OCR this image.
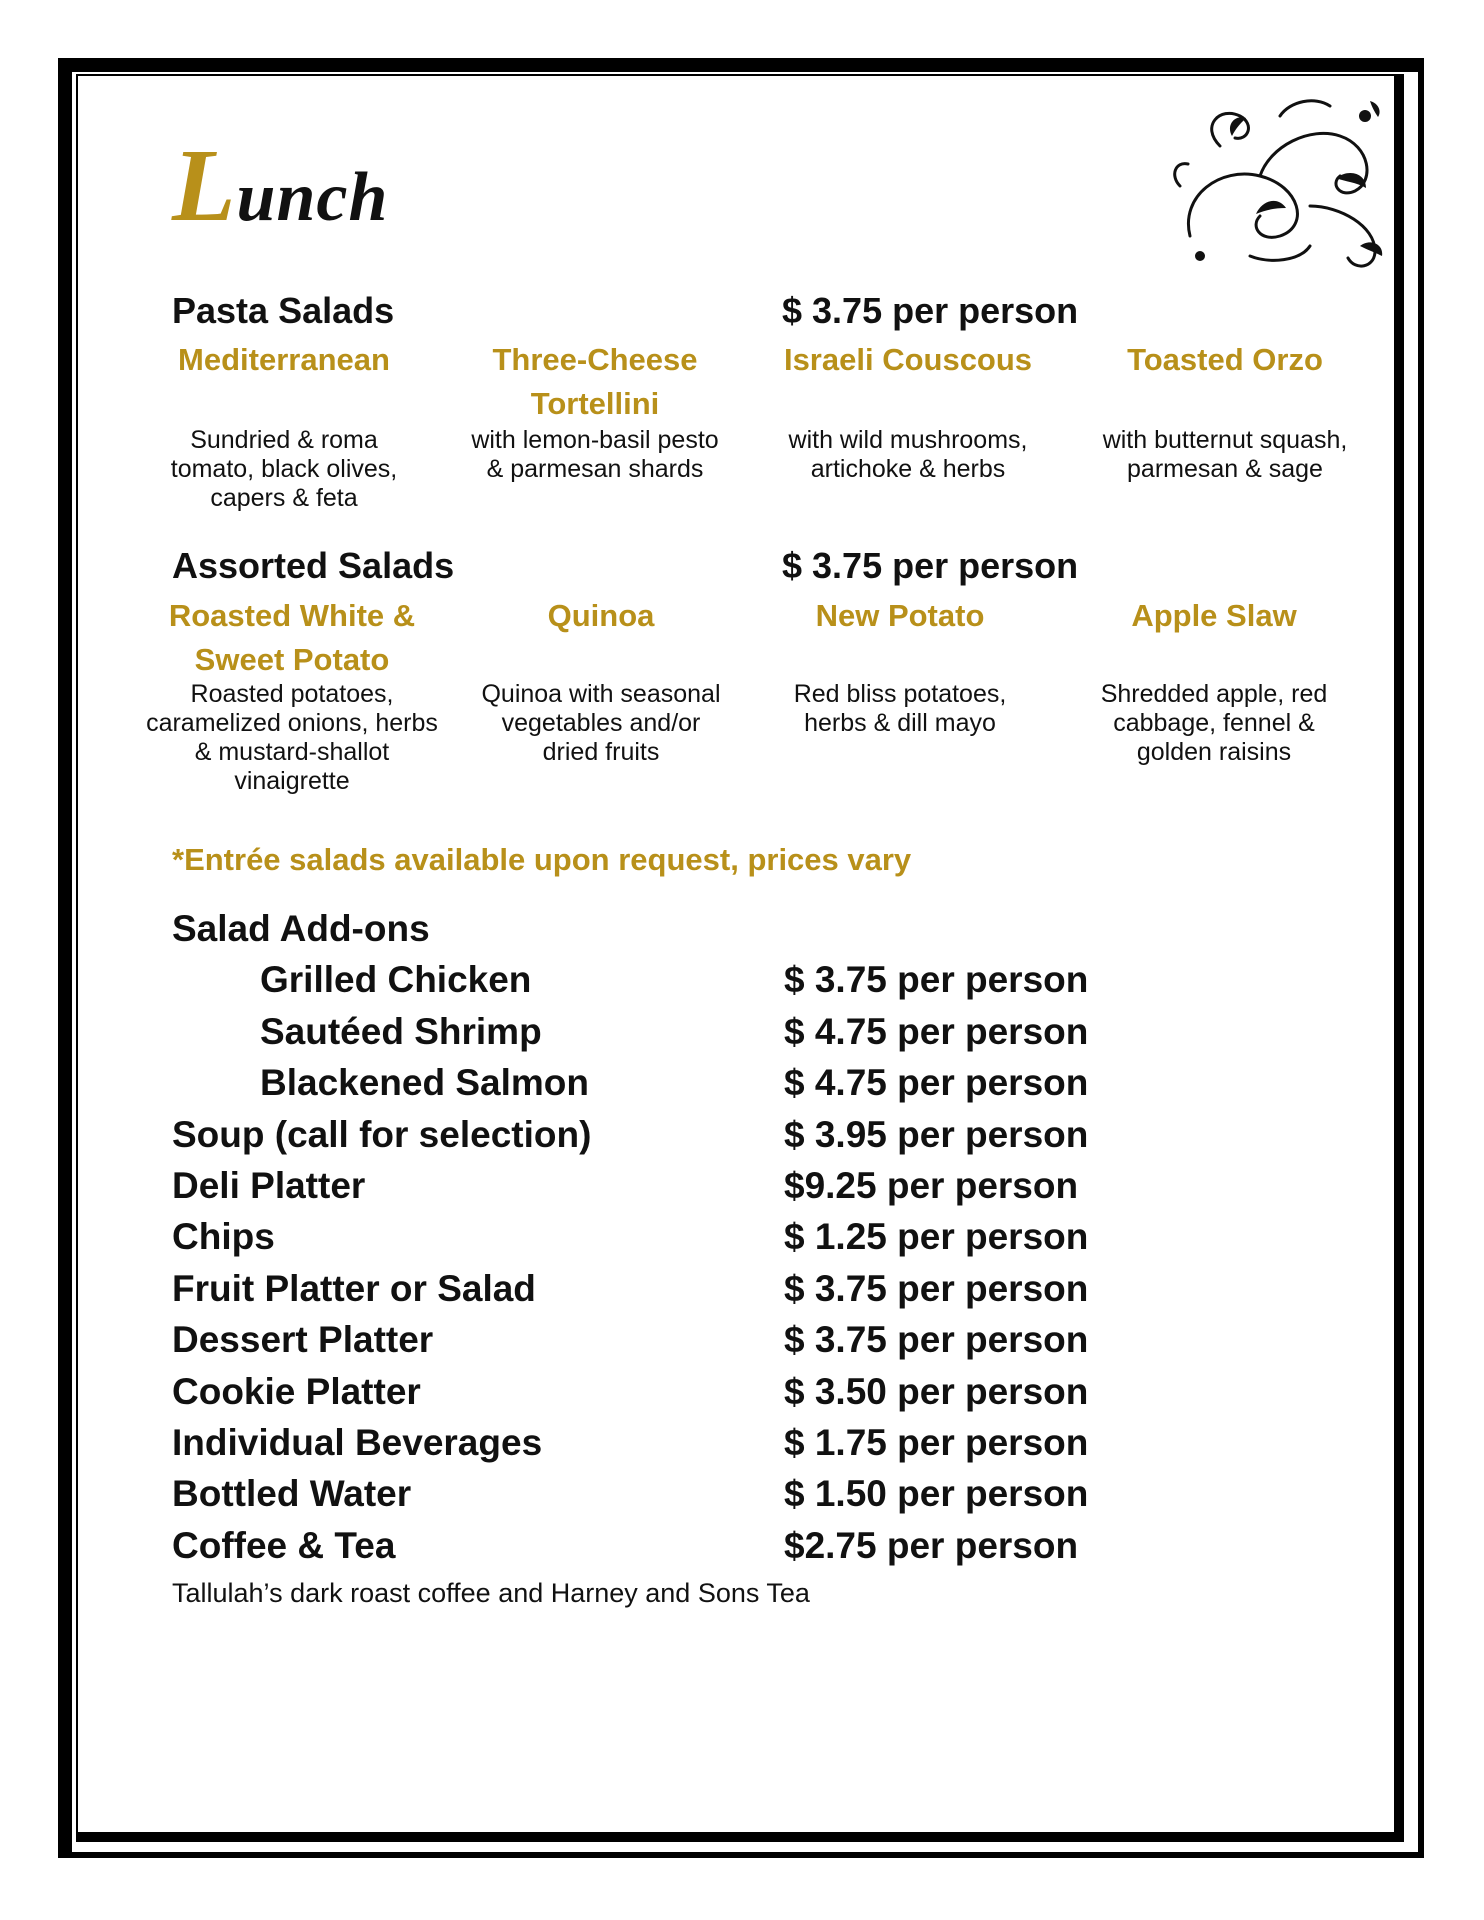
Lunch
Pasta Salads	$ 3.75 per person
Mediterranean	Three-Cheese Tortellini
Israeli Couscous	Toasted Orzo
Sundried & roma tomato, black olives, capers & feta
with lemon-basil pesto & parmesan shards
with wild mushrooms, artichoke & herbs
with butternut squash, parmesan & sage
Assorted Salads	$ 3.75 per person
Roasted White & Sweet Potato
Quinoa	New Potato	Apple Slaw
Roasted potatoes, caramelized onions, herbs & mustard-shallot vinaigrette
Quinoa with seasonal vegetables and/or dried fruits
Red bliss potatoes, herbs & dill mayo
Shredded apple, red cabbage, fennel & golden raisins
*Entrée salads available upon request, prices vary
Salad Add-ons
Grilled Chicken	$ 3.75 per person
Sautéed Shrimp	$ 4.75 per person
Blackened Salmon	$ 4.75 per person
Soup (call for selection)	$ 3.95 per person
Deli Platter	$9.25 per person
Chips	$ 1.25 per person
Fruit Platter or Salad	$ 3.75 per person
Dessert Platter	$ 3.75 per person
Cookie Platter	$ 3.50 per person
Individual Beverages	$ 1.75 per person
Bottled Water	$ 1.50 per person
Coffee & Tea	$2.75 per person
Tallulah’s dark roast coffee and Harney and Sons Tea
